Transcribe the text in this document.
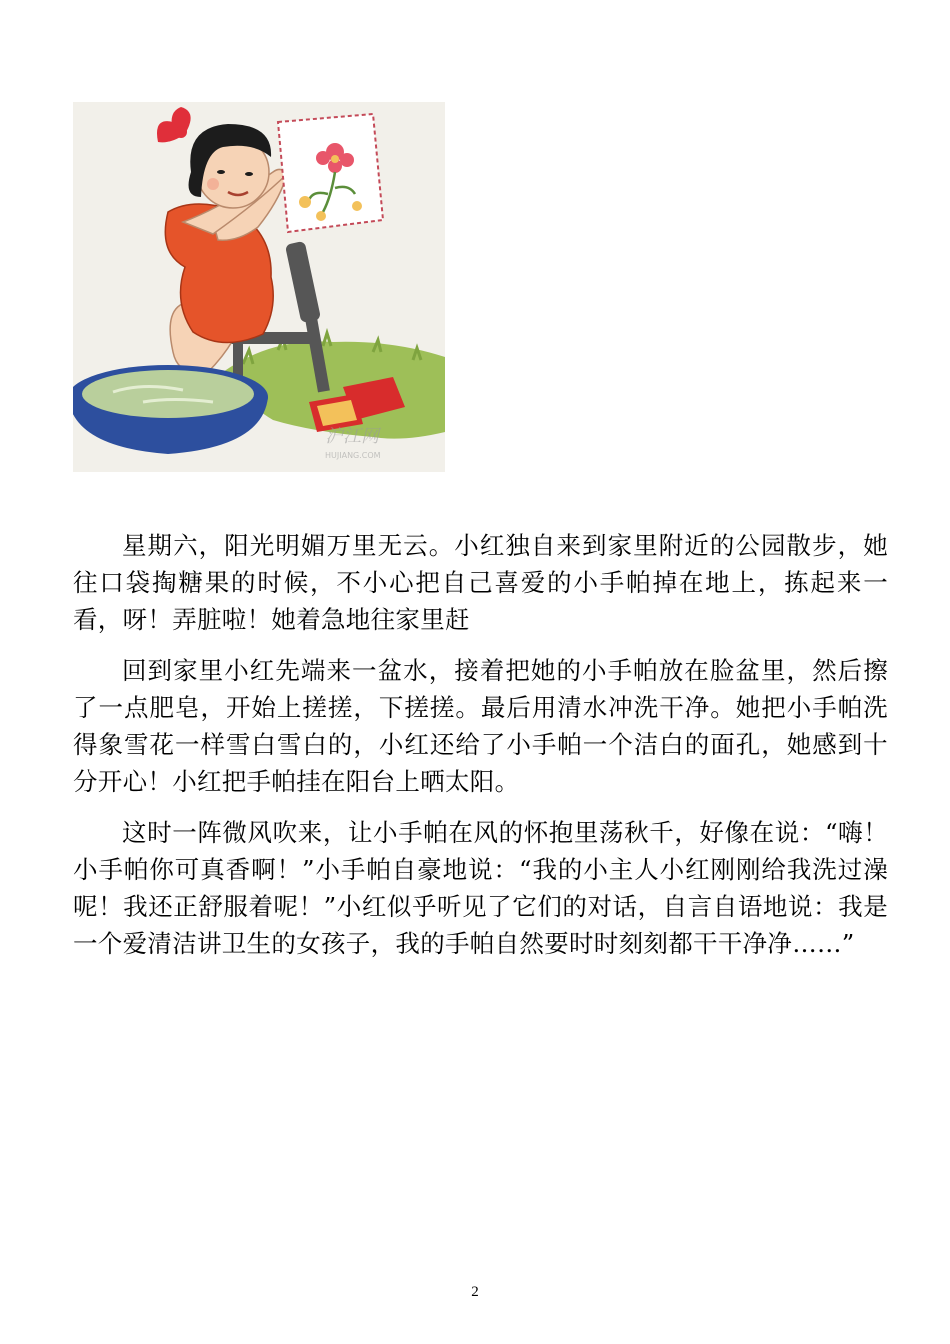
沪江网
HUJIANG.COM

星期六，阳光明媚万里无云。小红独自来到家里附近的公园散步，她往口袋掏糖果的时候，不小心把自己喜爱的小手帕掉在地上，拣起来一看，呀！弄脏啦！她着急地往家里赶

回到家里小红先端来一盆水，接着把她的小手帕放在脸盆里，然后擦了一点肥皂，开始上搓搓，下搓搓。最后用清水冲洗干净。她把小手帕洗得象雪花一样雪白雪白的，小红还给了小手帕一个洁白的面孔，她感到十分开心！小红把手帕挂在阳台上晒太阳。

这时一阵微风吹来，让小手帕在风的怀抱里荡秋千，好像在说：“嗨！小手帕你可真香啊！”小手帕自豪地说：“我的小主人小红刚刚给我洗过澡呢！我还正舒服着呢！”小红似乎听见了它们的对话，自言自语地说：我是一个爱清洁讲卫生的女孩子，我的手帕自然要时时刻刻都干干净净……”

2
